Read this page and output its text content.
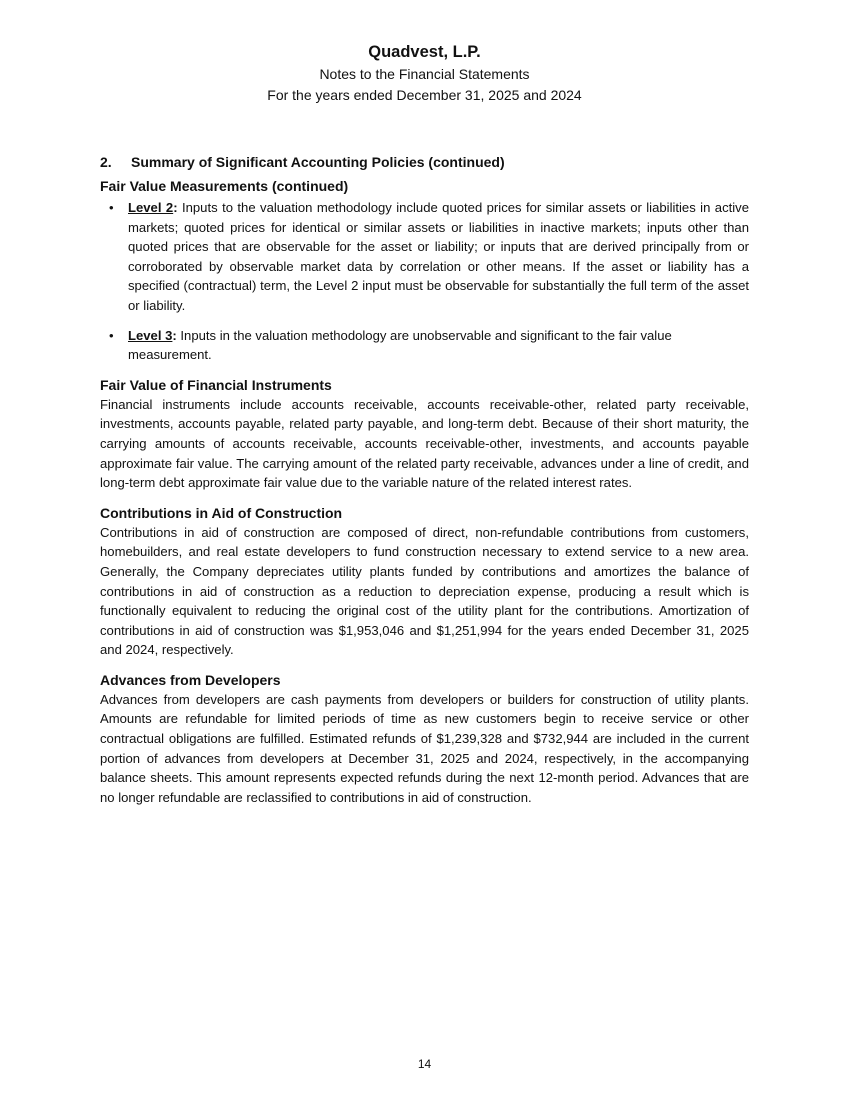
Quadvest, L.P.
Notes to the Financial Statements
For the years ended December 31, 2025 and 2024
2. Summary of Significant Accounting Policies (continued)
Fair Value Measurements (continued)
• Level 2: Inputs to the valuation methodology include quoted prices for similar assets or liabilities in active markets; quoted prices for identical or similar assets or liabilities in inactive markets; inputs other than quoted prices that are observable for the asset or liability; or inputs that are derived principally from or corroborated by observable market data by correlation or other means. If the asset or liability has a specified (contractual) term, the Level 2 input must be observable for substantially the full term of the asset or liability.
• Level 3: Inputs in the valuation methodology are unobservable and significant to the fair value measurement.
Fair Value of Financial Instruments

Financial instruments include accounts receivable, accounts receivable-other, related party receivable, investments, accounts payable, related party payable, and long-term debt. Because of their short maturity, the carrying amounts of accounts receivable, accounts receivable-other, investments, and accounts payable approximate fair value. The carrying amount of the related party receivable, advances under a line of credit, and long-term debt approximate fair value due to the variable nature of the related interest rates.

Contributions in Aid of Construction

Contributions in aid of construction are composed of direct, non-refundable contributions from customers, homebuilders, and real estate developers to fund construction necessary to extend service to a new area. Generally, the Company depreciates utility plants funded by contributions and amortizes the balance of contributions in aid of construction as a reduction to depreciation expense, producing a result which is functionally equivalent to reducing the original cost of the utility plant for the contributions. Amortization of contributions in aid of construction was $1,953,046 and $1,251,994 for the years ended December 31, 2025 and 2024, respectively.

Advances from Developers

Advances from developers are cash payments from developers or builders for construction of utility plants. Amounts are refundable for limited periods of time as new customers begin to receive service or other contractual obligations are fulfilled. Estimated refunds of $1,239,328 and $732,944 are included in the current portion of advances from developers at December 31, 2025 and 2024, respectively, in the accompanying balance sheets. This amount represents expected refunds during the next 12-month period. Advances that are no longer refundable are reclassified to contributions in aid of construction.

14
